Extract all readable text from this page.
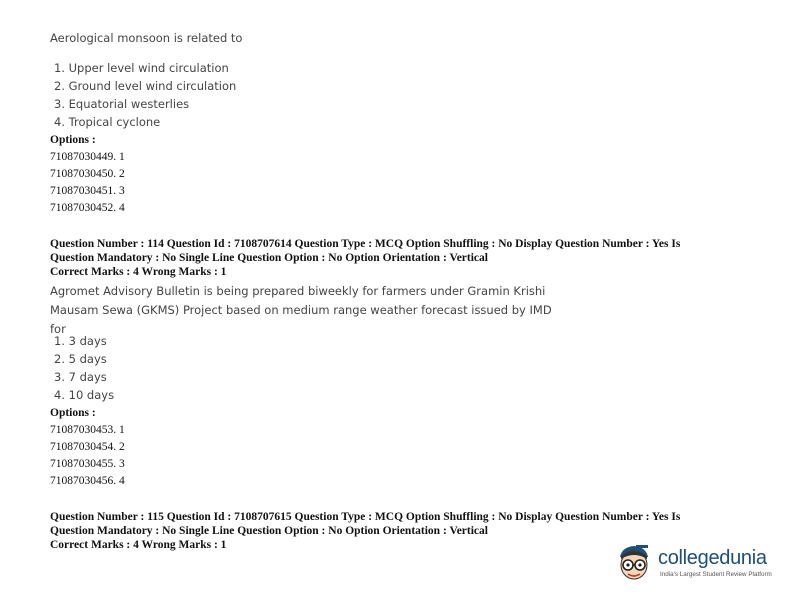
Aerological monsoon is related to
1. Upper level wind circulation
2. Ground level wind circulation
3. Equatorial westerlies
4. Tropical cyclone
Options :
71087030449. 1
71087030450. 2
71087030451. 3
71087030452. 4
Question Number : 114 Question Id : 7108707614 Question Type : MCQ Option Shuffling : No Display Question Number : Yes Is
Question Mandatory : No Single Line Question Option : No Option Orientation : Vertical
Correct Marks : 4 Wrong Marks : 1
Agromet Advisory Bulletin is being prepared biweekly for farmers under Gramin Krishi
Mausam Sewa (GKMS) Project based on medium range weather forecast issued by IMD for
1. 3 days
2. 5 days
3. 7 days
4. 10 days
Options :
71087030453. 1
71087030454. 2
71087030455. 3
71087030456. 4
Question Number : 115 Question Id : 7108707615 Question Type : MCQ Option Shuffling : No Display Question Number : Yes Is
Question Mandatory : No Single Line Question Option : No Option Orientation : Vertical
Correct Marks : 4 Wrong Marks : 1
collegedunia
India's Largest Student Review Platform
